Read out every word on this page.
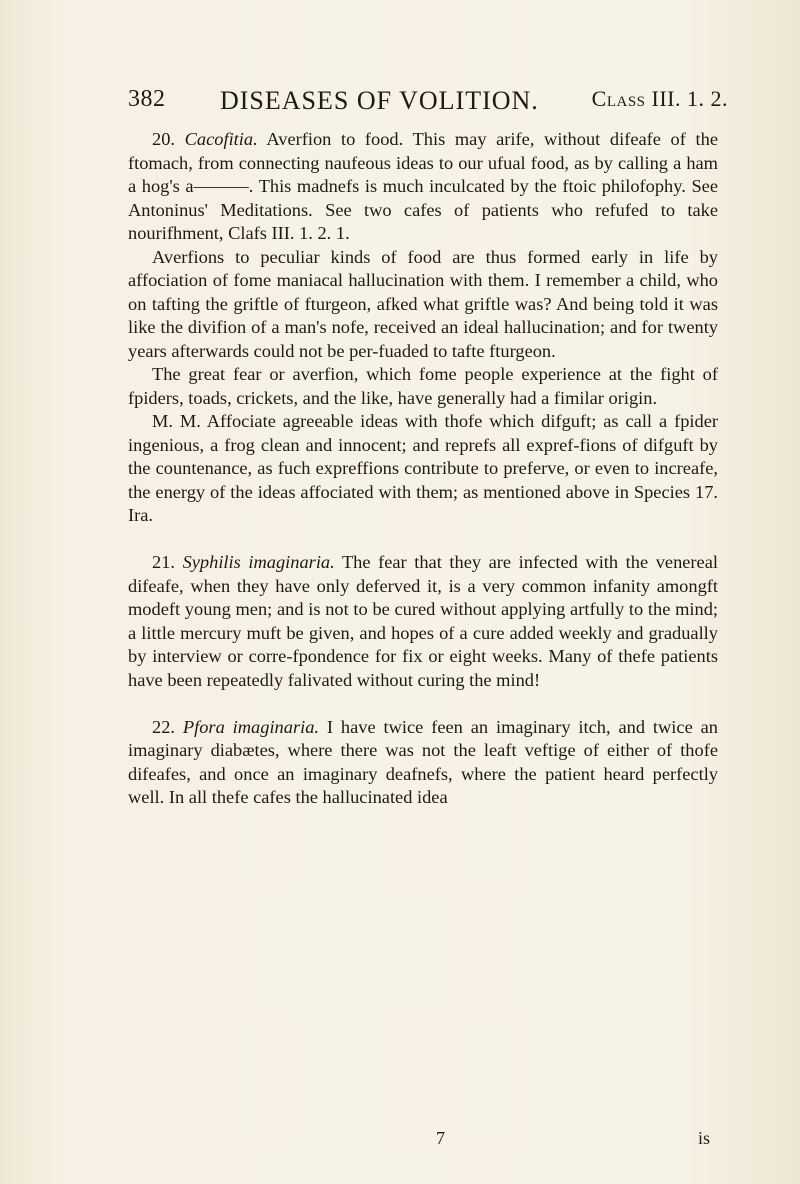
382 DISEASES OF VOLITION. Class III. 1. 2.

20. Cacofitia. Averfion to food. This may arife, without difeafe of the ftomach, from connecting naufeous ideas to our ufual food, as by calling a ham a hog's a———. This madnefs is much inculcated by the ftoic philofophy. See Antoninus' Meditations. See two cafes of patients who refufed to take nourifhment, Clafs III. 1. 2. 1.

Averfions to peculiar kinds of food are thus formed early in life by affociation of fome maniacal hallucination with them. I remember a child, who on tafting the griftle of fturgeon, afked what griftle was? And being told it was like the divifion of a man's nofe, received an ideal hallucination; and for twenty years afterwards could not be per-fuaded to tafte fturgeon.

The great fear or averfion, which fome people experience at the fight of fpiders, toads, crickets, and the like, have generally had a fimilar origin.

M. M. Affociate agreeable ideas with thofe which difguft; as call a fpider ingenious, a frog clean and innocent; and reprefs all expref-fions of difguft by the countenance, as fuch expreffions contribute to preferve, or even to increafe, the energy of the ideas affociated with them; as mentioned above in Species 17. Ira.

21. Syphilis imaginaria. The fear that they are infected with the venereal difeafe, when they have only deferved it, is a very common infanity amongft modeft young men; and is not to be cured without applying artfully to the mind; a little mercury muft be given, and hopes of a cure added weekly and gradually by interview or corre-fpondence for fix or eight weeks. Many of thefe patients have been repeatedly falivated without curing the mind!

22. Pfora imaginaria. I have twice feen an imaginary itch, and twice an imaginary diabætes, where there was not the leaft veftige of either of thofe difeafes, and once an imaginary deafnefs, where the patient heard perfectly well. In all thefe cafes the hallucinated idea

7	is
